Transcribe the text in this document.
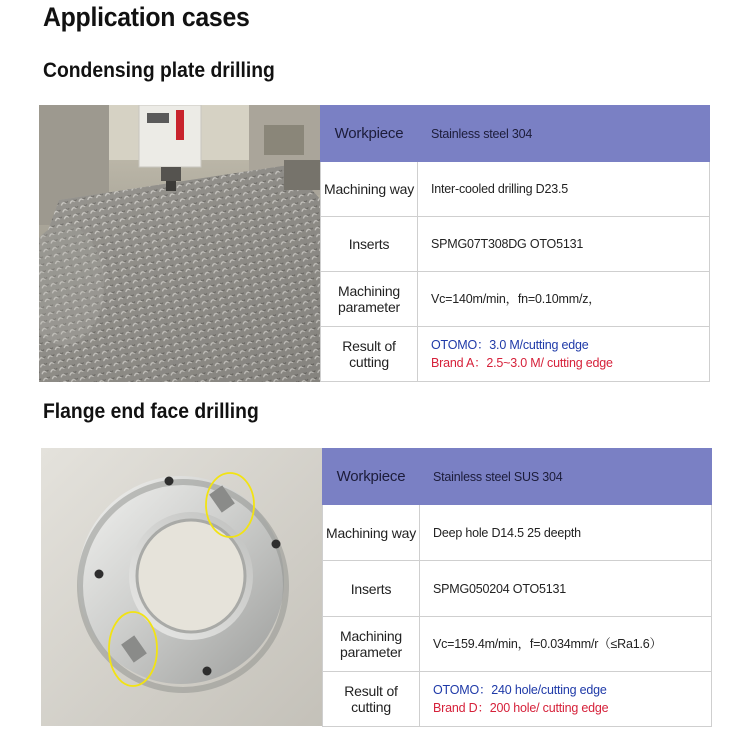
Application cases
Condensing plate drilling
Workpiece	Stainless steel 304
Machining way	Inter-cooled drilling D23.5
Inserts	SPMG07T308DG OTO5131

Machining
parameter	Vc=140m/min，fn=0.10mm/z，
Result of cutting	OTOMO：3.0 M/cutting edge
Brand A：2.5~3.0 M/ cutting edge
Flange end face drilling
Workpiece	Stainless steel SUS 304
Machining way	Deep hole D14.5 25 deepth
Inserts	SPMG050204 OTO5131

Machining
parameter	Vc=159.4m/min，f=0.034mm/r（≤Ra1.6）
Result of cutting	OTOMO：240 hole/cutting edge
Brand D：200 hole/ cutting edge
